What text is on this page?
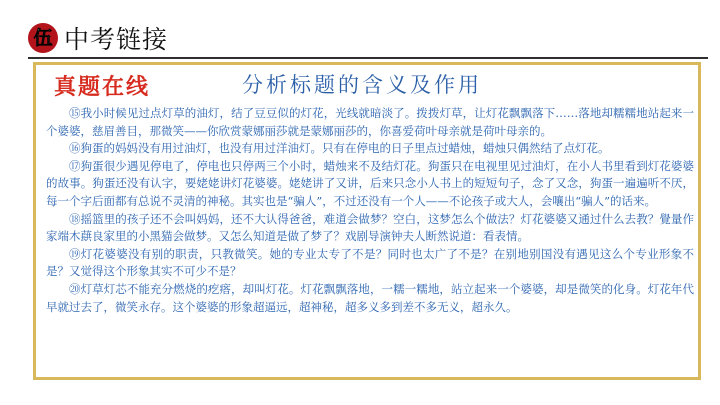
伍 中考链接
真题在线	分析标题的含义及作用

⑮我小时候见过点灯草的油灯，结了豆豆似的灯花，光线就暗淡了。拨拨灯草，让灯花飘飘落下……落地却糯糯地站起来一个婆婆，慈眉善目，那微笑——你欣赏蒙娜丽莎就是蒙娜丽莎的，你喜爱荷叶母亲就是荷叶母亲的。

⑯狗蛋的妈妈没有用过油灯，也没有用过洋油灯。只有在停电的日子里点过蜡烛，蜡烛只偶然结了点灯花。

⑰狗蛋很少遇见停电了，停电也只停两三个小时，蜡烛来不及结灯花。狗蛋只在电视里见过油灯，在小人书里看到灯花婆婆的故事。狗蛋还没有认字，要姥姥讲灯花婆婆。姥姥讲了又讲，后来只念小人书上的短短句子，念了又念，狗蛋一遍遍听不厌，每一个字后面都有总说不灵清的神秘。其实也是“骗人”，不过还没有一个人——不论孩子或大人，会嚷出“骗人”的话来。

⑱摇篮里的孩子还不会叫妈妈，还不大认得爸爸，难道会做梦？空白，这梦怎么个做法？灯花婆婆又通过什么去教？覺量作家端木蕻良家里的小黑猫会做梦。又怎么知道是做了梦了？戏剧导演钟夫人断然说道：看表情。

⑲灯花婆婆没有别的职责，只教微笑。她的专业太专了不是？同时也太广了不是？在别地别国没有遇见这么个专业形象不是？又觉得这个形象其实不可少不是？

⑳灯草灯芯不能充分燃烧的疙瘩，却叫灯花。灯花飘飘落地，一糯一糯地，站立起来一个婆婆，却是微笑的化身。灯花年代早就过去了，微笑永存。这个婆婆的形象超逼远，超神秘，超多义多到差不多无义，超永久。
